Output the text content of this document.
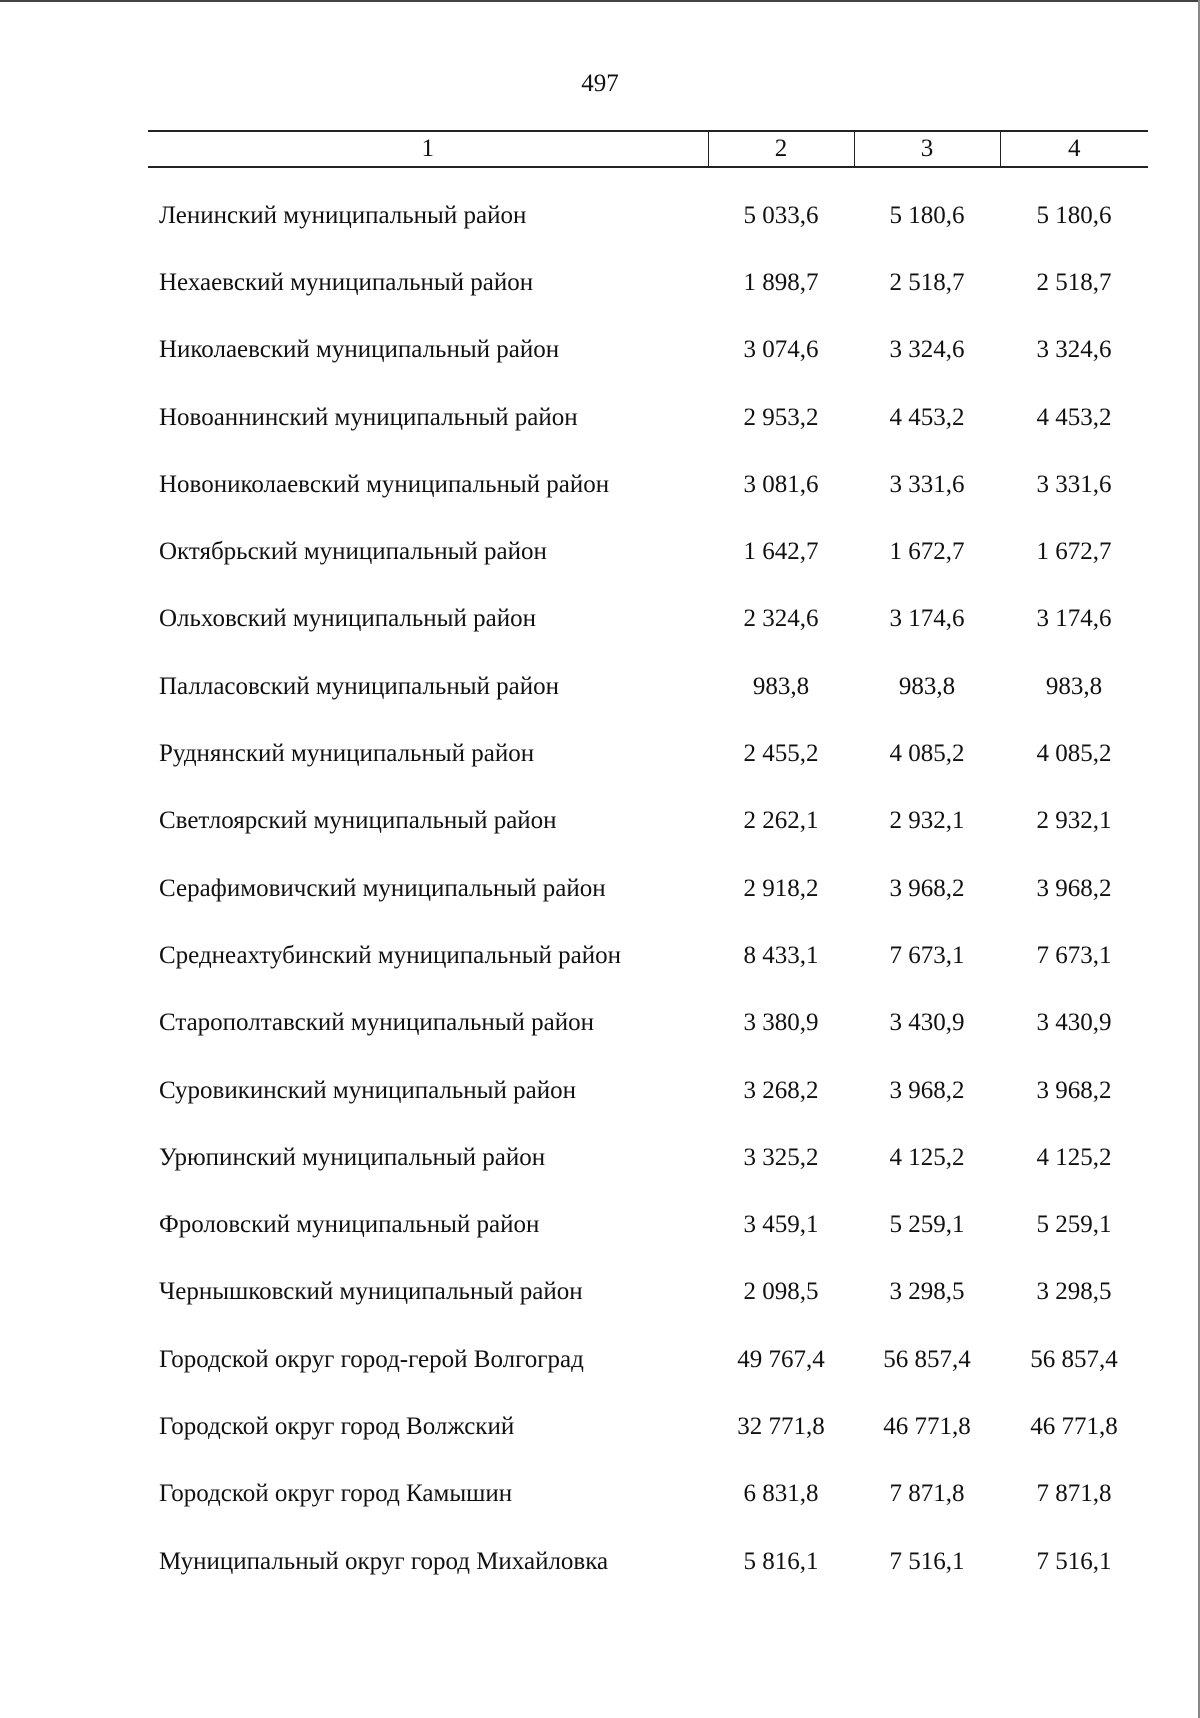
497
1	2	3	4
Ленинский муниципальный район	5 033,6	5 180,6	5 180,6
Нехаевский муниципальный район	1 898,7	2 518,7	2 518,7
Николаевский муниципальный район	3 074,6	3 324,6	3 324,6
Новоаннинский муниципальный район	2 953,2	4 453,2	4 453,2
Новониколаевский муниципальный район	3 081,6	3 331,6	3 331,6
Октябрьский муниципальный район	1 642,7	1 672,7	1 672,7
Ольховский муниципальный район	2 324,6	3 174,6	3 174,6
Палласовский муниципальный район	983,8	983,8	983,8
Руднянский муниципальный район	2 455,2	4 085,2	4 085,2
Светлоярский муниципальный район	2 262,1	2 932,1	2 932,1
Серафимовичский муниципальный район	2 918,2	3 968,2	3 968,2
Среднеахтубинский муниципальный район	8 433,1	7 673,1	7 673,1
Старополтавский муниципальный район	3 380,9	3 430,9	3 430,9
Суровикинский муниципальный район	3 268,2	3 968,2	3 968,2
Урюпинский муниципальный район	3 325,2	4 125,2	4 125,2
Фроловский муниципальный район	3 459,1	5 259,1	5 259,1
Чернышковский муниципальный район	2 098,5	3 298,5	3 298,5
Городской округ город-герой Волгоград	49 767,4	56 857,4	56 857,4
Городской округ город Волжский	32 771,8	46 771,8	46 771,8
Городской округ город Камышин	6 831,8	7 871,8	7 871,8
Муниципальный округ город Михайловка	5 816,1	7 516,1	7 516,1
